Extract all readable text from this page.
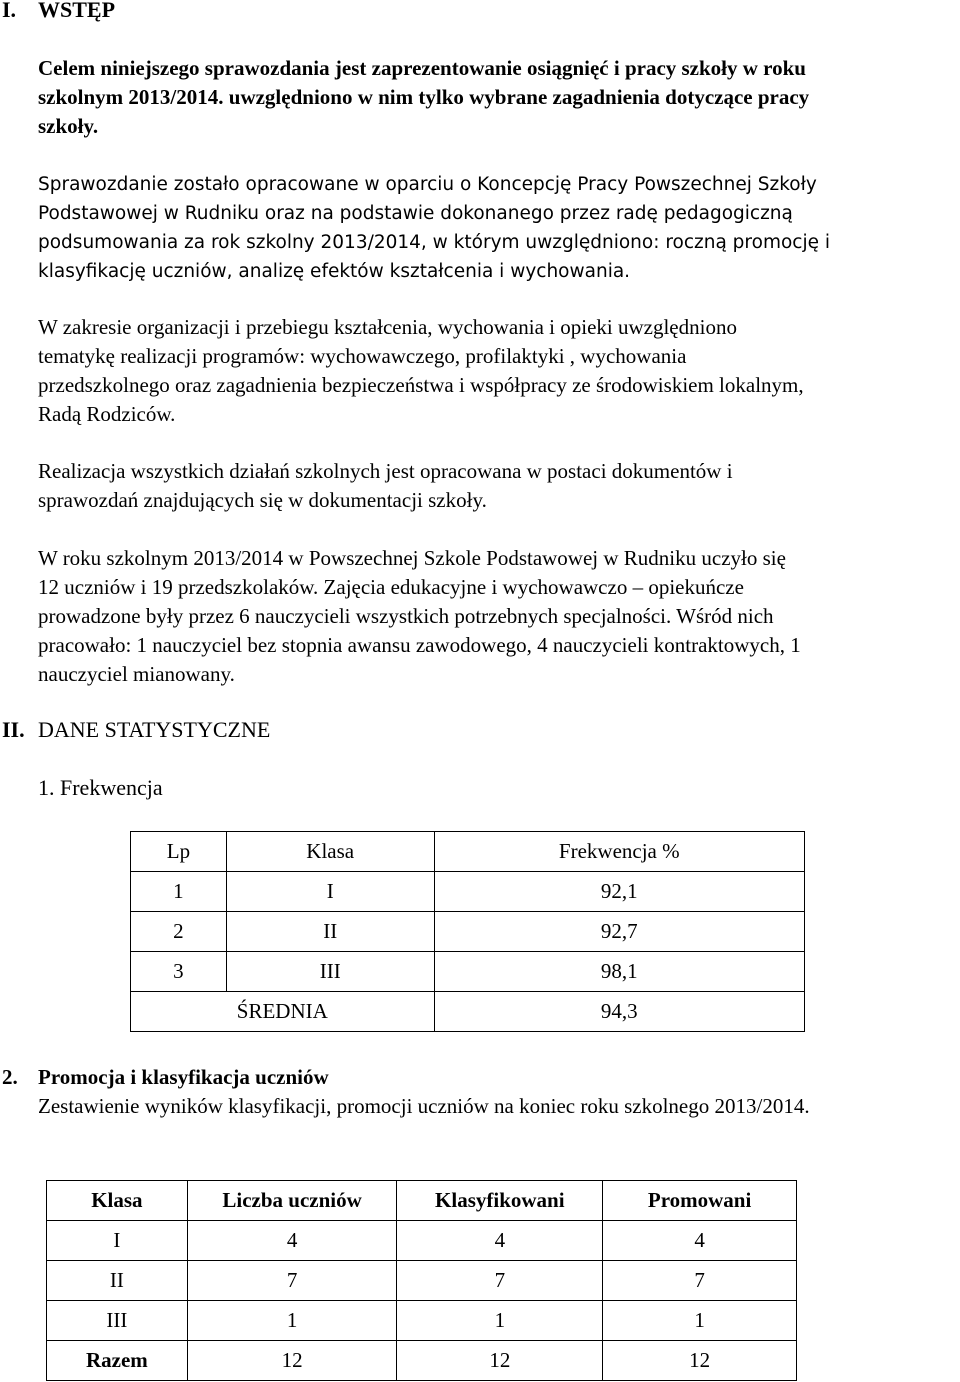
I. WSTĘP
Celem niniejszego sprawozdania jest zaprezentowanie osiągnięć i pracy szkoły w roku
szkolnym 2013/2014. uwzględniono w nim tylko wybrane zagadnienia dotyczące pracy
szkoły.
Sprawozdanie zostało opracowane w oparciu o Koncepcję Pracy Powszechnej Szkoły
Podstawowej w Rudniku oraz na podstawie dokonanego przez radę pedagogiczną
podsumowania za rok szkolny 2013/2014, w którym uwzględniono: roczną promocję i
klasyfikację uczniów, analizę efektów kształcenia i wychowania.
W zakresie organizacji i przebiegu kształcenia, wychowania i opieki uwzględniono
tematykę realizacji programów: wychowawczego, profilaktyki , wychowania
przedszkolnego oraz zagadnienia bezpieczeństwa i współpracy ze środowiskiem lokalnym,
Radą Rodziców.
Realizacja wszystkich działań szkolnych jest opracowana w postaci dokumentów i
sprawozdań znajdujących się w dokumentacji szkoły.
W roku szkolnym 2013/2014 w Powszechnej Szkole Podstawowej w Rudniku uczyło się
12 uczniów i 19 przedszkolaków. Zajęcia edukacyjne i wychowawczo – opiekuńcze
prowadzone były przez 6 nauczycieli wszystkich potrzebnych specjalności. Wśród nich
pracowało: 1 nauczyciel bez stopnia awansu zawodowego, 4 nauczycieli kontraktowych, 1
nauczyciel mianowany.
II. DANE STATYSTYCZNE
1. Frekwencja
Lp	Klasa	Frekwencja %
1	I	92,1
2	II	92,7
3	III	98,1
ŚREDNIA		94,3
2. Promocja i klasyfikacja uczniów
Zestawienie wyników klasyfikacji, promocji uczniów na koniec roku szkolnego 2013/2014.
Klasa	Liczba uczniów	Klasyfikowani	Promowani
I	4	4	4
II	7	7	7
III	1	1	1
Razem	12	12	12
